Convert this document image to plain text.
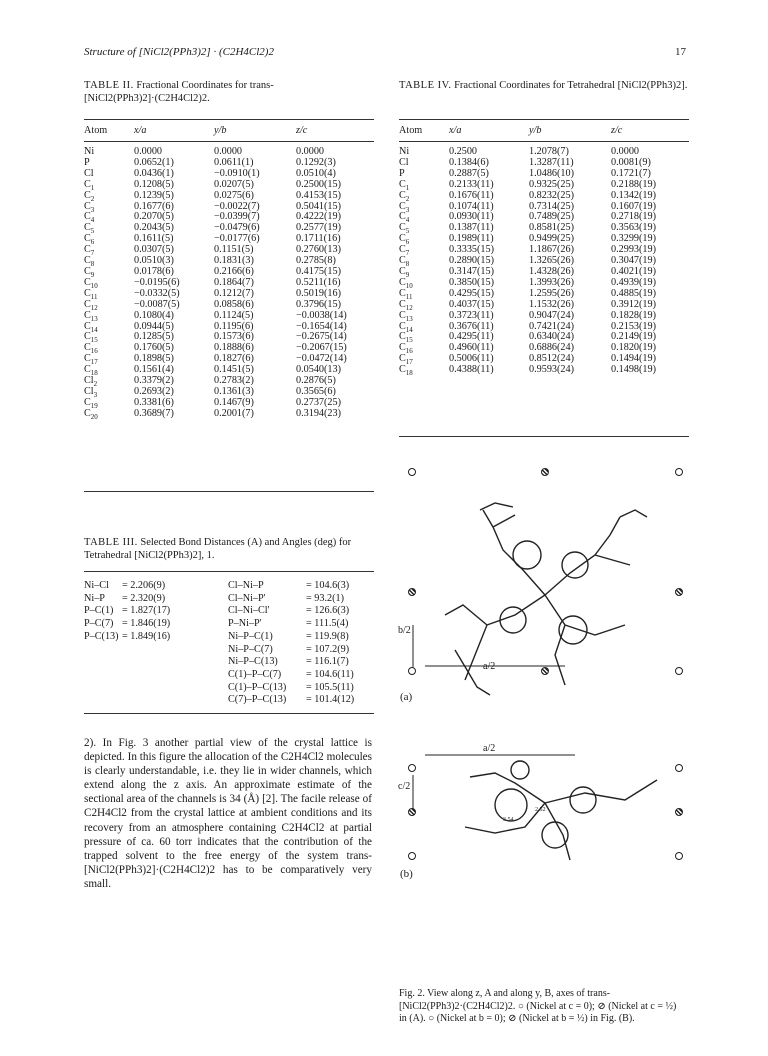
Structure of [NiCl2(PPh3)2] · (C2H4Cl2)2	17
TABLE II. Fractional Coordinates for trans-[NiCl2(PPh3)2]·(C2H4Cl2)2.
Atom	x/a	y/b	z/c

Ni	0.0000	0.0000	0.0000
P	0.0652(1)	0.0611(1)	0.1292(3)
Cl	0.0436(1)	−0.0910(1)	0.0510(4)
$C_1$	0.1208(5)	0.0207(5)	0.2500(15)
$C_2$	0.1239(5)	0.0275(6)	0.4153(15)
$C_3$	0.1677(6)	−0.0022(7)	0.5041(15)
$C_4$	0.2070(5)	−0.0399(7)	0.4222(19)
$C_5$	0.2043(5)	−0.0479(6)	0.2577(19)
$C_6$	0.1611(5)	−0.0177(6)	0.1711(16)
$C_7$	0.0307(5)	0.1151(5)	0.2760(13)
$C_8$	0.0510(3)	0.1831(3)	0.2785(8)
$C_9$	0.0178(6)	0.2166(6)	0.4175(15)
$C_{10}$	−0.0195(6)	0.1864(7)	0.5211(16)
$C_{11}$	−0.0332(5)	0.1212(7)	0.5019(16)
$C_{12}$	−0.0087(5)	0.0858(6)	0.3796(15)
$C_{13}$	0.1080(4)	0.1124(5)	−0.0038(14)
$C_{14}$	0.0944(5)	0.1195(6)	−0.1654(14)
$C_{15}$	0.1285(5)	0.1573(6)	−0.2675(14)
$C_{16}$	0.1760(5)	0.1888(6)	−0.2067(15)
$C_{17}$	0.1898(5)	0.1827(6)	−0.0472(14)
$C_{18}$	0.1561(4)	0.1451(5)	0.0540(13)
$Cl_2$	0.3379(2)	0.2783(2)	0.2876(5)
$Cl_3$	0.2693(2)	0.1361(3)	0.3565(6)
$C_{19}$	0.3381(6)	0.1467(9)	0.2737(25)
$C_{20}$	0.3689(7)	0.2001(7)	0.3194(23)
TABLE IV. Fractional Coordinates for Tetrahedral [NiCl2(PPh3)2].
Atom	x/a	y/b	z/c

Ni	0.2500	1.2078(7)	0.0000
Cl	0.1384(6)	1.3287(11)	0.0081(9)
P	0.2887(5)	1.0486(10)	0.1721(7)
$C_1$	0.2133(11)	0.9325(25)	0.2188(19)
$C_2$	0.1676(11)	0.8232(25)	0.1342(19)
$C_3$	0.1074(11)	0.7314(25)	0.1607(19)
$C_4$	0.0930(11)	0.7489(25)	0.2718(19)
$C_5$	0.1387(11)	0.8581(25)	0.3563(19)
$C_6$	0.1989(11)	0.9499(25)	0.3299(19)
$C_7$	0.3335(15)	1.1867(26)	0.2993(19)
$C_8$	0.2890(15)	1.3265(26)	0.3047(19)
$C_9$	0.3147(15)	1.4328(26)	0.4021(19)
$C_{10}$	0.3850(15)	1.3993(26)	0.4939(19)
$C_{11}$	0.4295(15)	1.2595(26)	0.4885(19)
$C_{12}$	0.4037(15)	1.1532(26)	0.3912(19)
$C_{13}$	0.3723(11)	0.9047(24)	0.1828(19)
$C_{14}$	0.3676(11)	0.7421(24)	0.2153(19)
$C_{15}$	0.4295(11)	0.6340(24)	0.2149(19)
$C_{16}$	0.4960(11)	0.6886(24)	0.1820(19)
$C_{17}$	0.5006(11)	0.8512(24)	0.1494(19)
$C_{18}$	0.4388(11)	0.9593(24)	0.1498(19)
TABLE III. Selected Bond Distances (A) and Angles (deg) for Tetrahedral [NiCl2(PPh3)2], 1.
Ni–Cl = 2.206(9)
Ni–P = 2.320(9)
P–C(1) = 1.827(17)
P–C(7) = 1.846(19)
P–C(13) = 1.849(16)
Cl–Ni–P	= 104.6(3)
Cl–Ni–P'	= 93.2(1)
Cl–Ni–Cl'	= 126.6(3)
P–Ni–P'	= 111.5(4)
Ni–P–C(1)	= 119.9(8)
Ni–P–C(7)	= 107.2(9)
Ni–P–C(13)	= 116.1(7)
C(1)–P–C(7) = 104.6(11)
C(1)–P–C(13) = 105.5(11)
C(7)–P–C(13) = 101.4(12)
2). In Fig. 3 another partial view of the crystal lattice is depicted. In this figure the allocation of the C2H4Cl2 molecules is clearly understandable, i.e. they lie in wider channels, which extend along the z axis. An approximate estimate of the sectional area of the channels is 34 (Å) [2]. The facile release of C2H4Cl2 from the crystal lattice at ambient conditions and its recovery from an atmosphere containing C2H4Cl2 at partial pressure of ca. 60 torr indicates that the contribution of the trapped solvent to the free energy of the system trans-[NiCl2(PPh3)2]·(C2H4Cl2)2 has to be comparatively very small.
2.52
3.54
b/2
a/2
(a)
a/2
c/2
(b)
Fig. 2. View along z, A and along y, B, axes of trans-[NiCl2(PPh3)2·(C2H4Cl2)2. ○ (Nickel at c = 0); ⊘ (Nickel at c = ½) in (A). ○ (Nickel at b = 0); ⊘ (Nickel at b = ½) in Fig. (B).
